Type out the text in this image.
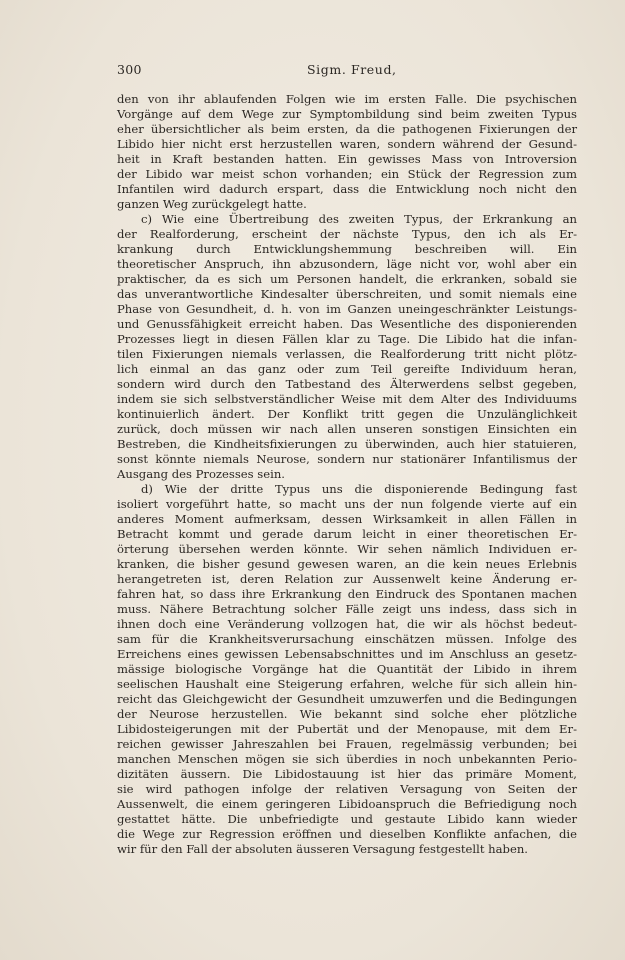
300	Sigm. Freud,
den von ihr ablaufenden Folgen wie im ersten Falle. Die psychischen
Vorgänge auf dem Wege zur Symptombildung sind beim zweiten Typus
eher übersichtlicher als beim ersten, da die pathogenen Fixierungen der
Libido hier nicht erst herzustellen waren, sondern während der Gesund-
heit in Kraft bestanden hatten. Ein gewisses Mass von Introversion
der Libido war meist schon vorhanden; ein Stück der Regression zum
Infantilen wird dadurch erspart, dass die Entwicklung noch nicht den
ganzen Weg zurückgelegt hatte.
c) Wie eine Übertreibung des zweiten Typus, der Erkrankung an
der Realforderung, erscheint der nächste Typus, den ich als Er-
krankung durch Entwicklungshemmung beschreiben will. Ein
theoretischer Anspruch, ihn abzusondern, läge nicht vor, wohl aber ein
praktischer, da es sich um Personen handelt, die erkranken, sobald sie
das unverantwortliche Kindesalter überschreiten, und somit niemals eine
Phase von Gesundheit, d. h. von im Ganzen uneingeschränkter Leistungs-
und Genussfähigkeit erreicht haben. Das Wesentliche des disponierenden
Prozesses liegt in diesen Fällen klar zu Tage. Die Libido hat die infan-
tilen Fixierungen niemals verlassen, die Realforderung tritt nicht plötz-
lich einmal an das ganz oder zum Teil gereifte Individuum heran,
sondern wird durch den Tatbestand des Älterwerdens selbst gegeben,
indem sie sich selbstverständlicher Weise mit dem Alter des Individuums
kontinuierlich ändert. Der Konflikt tritt gegen die Unzulänglichkeit
zurück, doch müssen wir nach allen unseren sonstigen Einsichten ein
Bestreben, die Kindheitsfixierungen zu überwinden, auch hier statuieren,
sonst könnte niemals Neurose, sondern nur stationärer Infantilismus der
Ausgang des Prozesses sein.
d) Wie der dritte Typus uns die disponierende Bedingung fast
isoliert vorgeführt hatte, so macht uns der nun folgende vierte auf ein
anderes Moment aufmerksam, dessen Wirksamkeit in allen Fällen in
Betracht kommt und gerade darum leicht in einer theoretischen Er-
örterung übersehen werden könnte. Wir sehen nämlich Individuen er-
kranken, die bisher gesund gewesen waren, an die kein neues Erlebnis
herangetreten ist, deren Relation zur Aussenwelt keine Änderung er-
fahren hat, so dass ihre Erkrankung den Eindruck des Spontanen machen
muss. Nähere Betrachtung solcher Fälle zeigt uns indess, dass sich in
ihnen doch eine Veränderung vollzogen hat, die wir als höchst bedeut-
sam für die Krankheitsverursachung einschätzen müssen. Infolge des
Erreichens eines gewissen Lebensabschnittes und im Anschluss an gesetz-
mässige biologische Vorgänge hat die Quantität der Libido in ihrem
seelischen Haushalt eine Steigerung erfahren, welche für sich allein hin-
reicht das Gleichgewicht der Gesundheit umzuwerfen und die Bedingungen
der Neurose herzustellen. Wie bekannt sind solche eher plötzliche
Libidosteigerungen mit der Pubertät und der Menopause, mit dem Er-
reichen gewisser Jahreszahlen bei Frauen, regelmässig verbunden; bei
manchen Menschen mögen sie sich überdies in noch unbekannten Perio-
dizitäten äussern. Die Libidostauung ist hier das primäre Moment,
sie wird pathogen infolge der relativen Versagung von Seiten der
Aussenwelt, die einem geringeren Libidoanspruch die Befriedigung noch
gestattet hätte. Die unbefriedigte und gestaute Libido kann wieder
die Wege zur Regression eröffnen und dieselben Konflikte anfachen, die
wir für den Fall der absoluten äusseren Versagung festgestellt haben.
